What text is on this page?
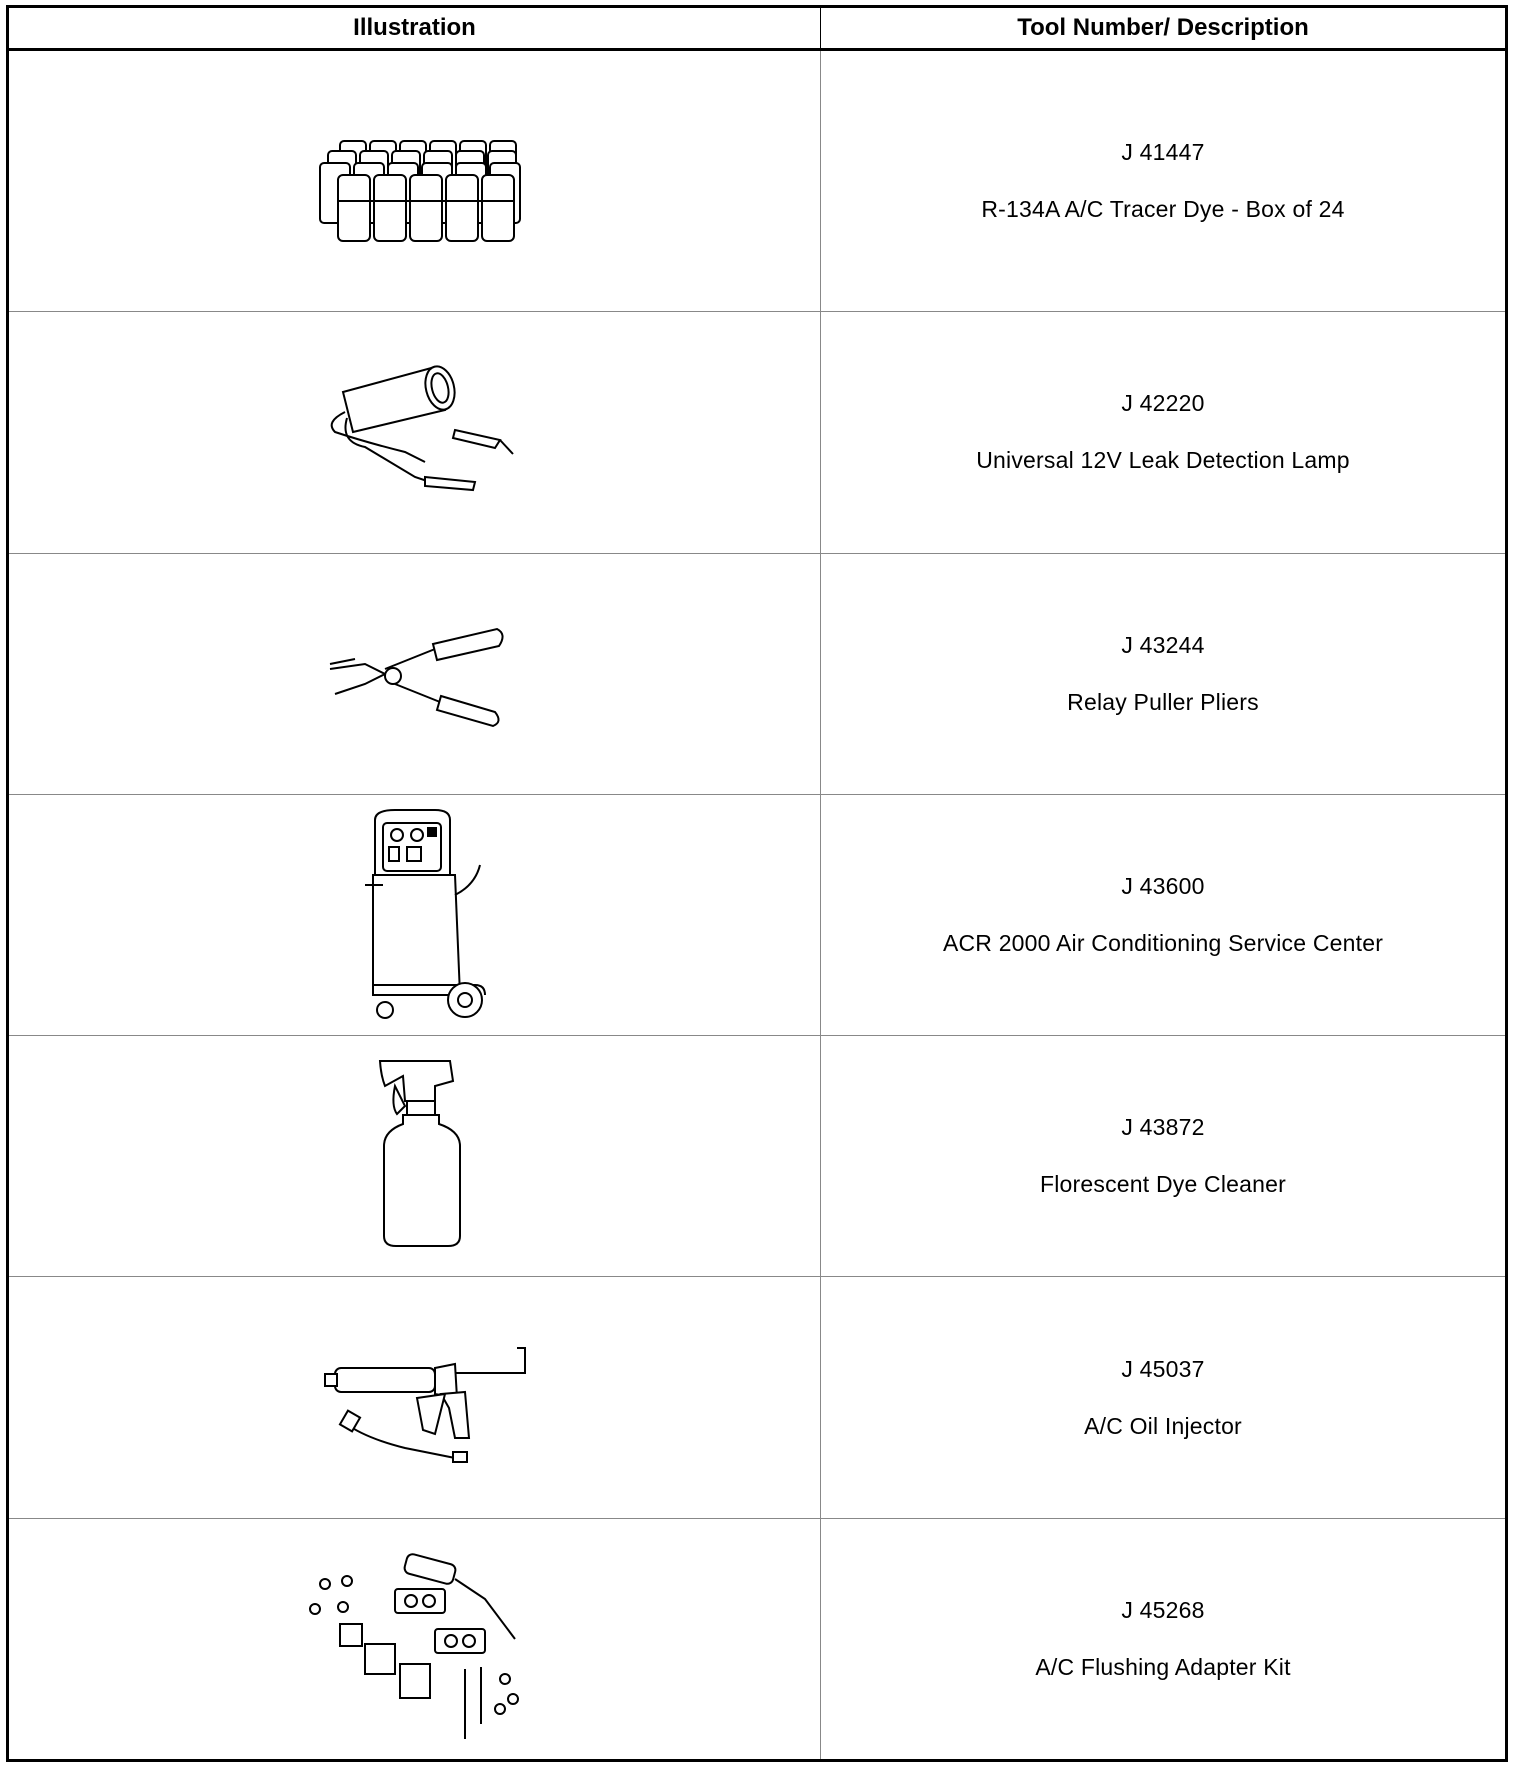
Illustration	Tool Number/ Description

J 41447
R-134A A/C Tracer Dye - Box of 24

J 42220
Universal 12V Leak Detection Lamp

J 43244
Relay Puller Pliers

J 43600
ACR 2000 Air Conditioning Service Center

J 43872
Florescent Dye Cleaner

J 45037
A/C Oil Injector

J 45268
A/C Flushing Adapter Kit
